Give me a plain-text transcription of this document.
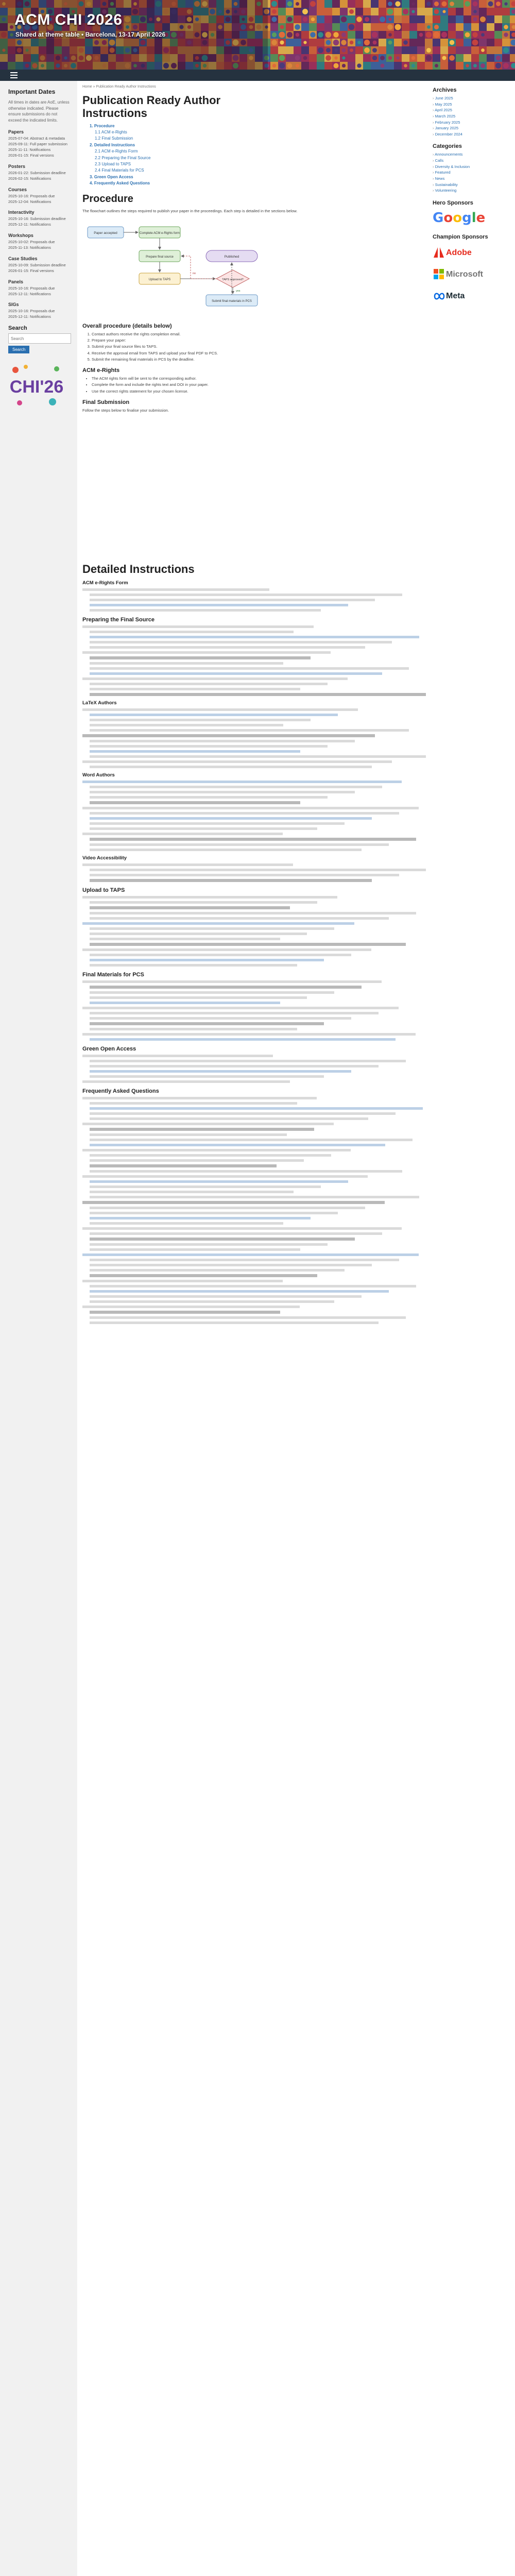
ACM CHI 2026
Shared at theme table • Barcelona, 13-17 April 2026
Important Dates

All times in dates are AoE, unless otherwise indicated. Please ensure submissions do not exceed the indicated limits.

Papers
2025-07-04: Abstract & metadata
2025-09-11: Full paper submission
2025-11-11: Notifications
2026-01-15: Final versions
Posters
2026-01-22: Submission deadline
2026-02-15: Notifications
Courses
2025-10-16: Proposals due
2025-12-04: Notifications
Interactivity
2025-10-16: Submission deadline
2025-12-11: Notifications
Workshops
2025-10-02: Proposals due
2025-11-13: Notifications
Case Studies
2025-10-09: Submission deadline
2026-01-15: Final versions
Panels
2025-10-16: Proposals due
2025-12-11: Notifications
SIGs
2025-10-16: Proposals due
2025-12-11: Notifications
Search
Search
Search
CHI'26
Home » Publication Ready Author Instructions
Publication Ready Author Instructions
1. Procedure
1.1 ACM e-Rights
1.2 Final Submission
2. Detailed Instructions
2.1 ACM e-Rights Form
2.2 Preparing the Final Source
2.3 Upload to TAPS
2.4 Final Materials for PCS
3. Green Open Access
4. Frequently Asked Questions
Procedure

The flowchart outlines the steps required to publish your paper in the proceedings. Each step is detailed in the sections below.

Paper accepted	Complete ACM e-Rights form
Prepare final source
Upload to TAPS	TAPS approved?
Submit final materials in PCS
Published
yes
no
Overall procedure (details below)
1. Contact authors receive the rights completion email.
2. Prepare your paper:
3. Submit your final source files to TAPS.
4. Receive the approval email from TAPS and upload your final PDF to PCS.
5. Submit the remaining final materials in PCS by the deadline.
ACM e-Rights
• The ACM rights form will be sent to the corresponding author.
• Complete the form and include the rights text and DOI in your paper.
• Use the correct rights statement for your chosen license.
Final Submission

Follow the steps below to finalise your submission.

Detailed Instructions
ACM e-Rights Form
Preparing the Final Source
LaTeX Authors
Word Authors
Video Accessibility
Upload to TAPS
Final Materials for PCS
Green Open Access
Frequently Asked Questions
Archives
› June 2025
› May 2025
› April 2025
› March 2025
› February 2025
› January 2025
› December 2024
Categories
› Announcements
› Calls
› Diversity & Inclusion
› Featured
› News
› Sustainability
› Volunteering
Hero Sponsors
Google
Champion Sponsors
Adobe
Microsoft
Meta
